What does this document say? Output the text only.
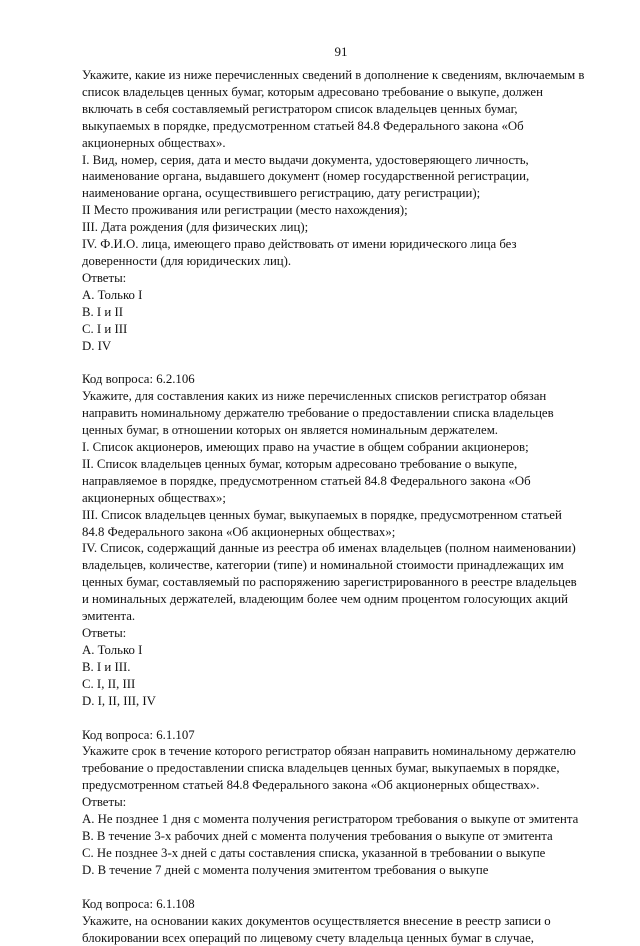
91
Укажите, какие из ниже перечисленных сведений в дополнение к сведениям, включаемым в
список владельцев ценных бумаг, которым адресовано требование о выкупе, должен
включать в себя составляемый регистратором список владельцев ценных бумаг,
выкупаемых в порядке, предусмотренном статьей 84.8 Федерального закона «Об
акционерных обществах».
I. Вид, номер, серия, дата и место выдачи документа, удостоверяющего личность,
наименование органа, выдавшего документ (номер государственной регистрации,
наименование органа, осуществившего регистрацию, дату регистрации);
II Место проживания или регистрации (место нахождения);
III. Дата рождения (для физических лиц);
IV. Ф.И.О. лица, имеющего право действовать от имени юридического лица без
доверенности (для юридических лиц).
Ответы:
A. Только I
B. I и II
C. I и III
D. IV
Код вопроса: 6.2.106
Укажите, для составления каких из ниже перечисленных списков регистратор обязан
направить номинальному держателю требование о предоставлении списка владельцев
ценных бумаг, в отношении которых он является номинальным держателем.
I. Список акционеров, имеющих право на участие в общем собрании акционеров;
II. Список владельцев ценных бумаг, которым адресовано требование о выкупе,
направляемое в порядке, предусмотренном статьей 84.8 Федерального закона «Об
акционерных обществах»;
III. Список владельцев ценных бумаг, выкупаемых в порядке, предусмотренном статьей
84.8 Федерального закона «Об акционерных обществах»;
IV. Список, содержащий данные из реестра об именах владельцев (полном наименовании)
владельцев, количестве, категории (типе) и номинальной стоимости принадлежащих им
ценных бумаг, составляемый по распоряжению зарегистрированного в реестре владельцев
и номинальных держателей, владеющим более чем одним процентом голосующих акций
эмитента.
Ответы:
A. Только I
B. I и III.
C. I, II, III
D. I, II, III, IV
Код вопроса: 6.1.107
Укажите срок в течение которого регистратор обязан направить номинальному держателю
требование о предоставлении списка владельцев ценных бумаг, выкупаемых в порядке,
предусмотренном статьей 84.8 Федерального закона «Об акционерных обществах».
Ответы:
A. Не позднее 1 дня с момента получения регистратором требования о выкупе от эмитента
B. В течение 3-х рабочих дней с момента получения требования о выкупе от эмитента
C. Не позднее 3-х дней с даты составления списка, указанной в требовании о выкупе
D. В течение 7 дней с момента получения эмитентом требования о выкупе
Код вопроса: 6.1.108
Укажите, на основании каких документов осуществляется внесение в реестр записи о
блокировании всех операций по лицевому счету владельца ценных бумаг в случае,
